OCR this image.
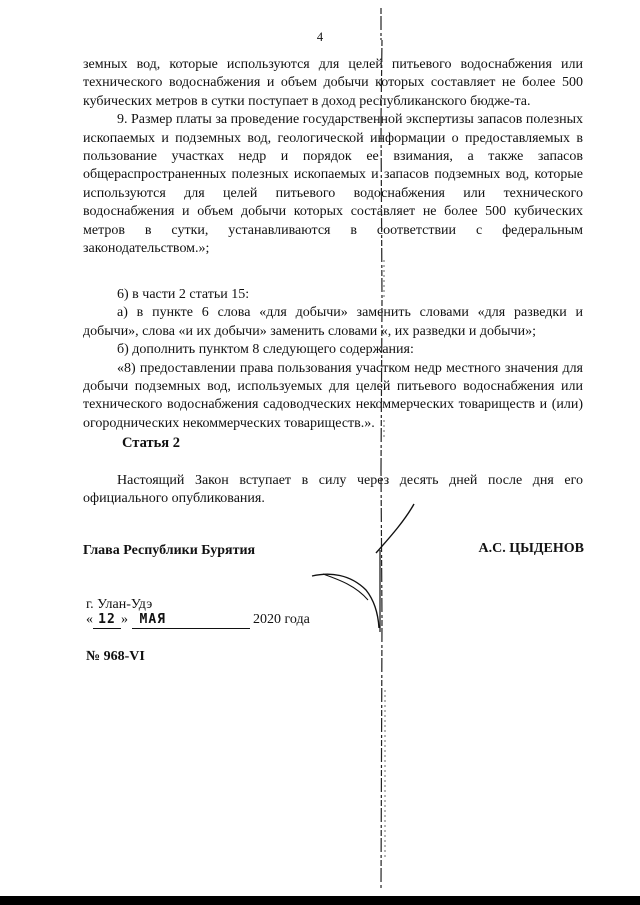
4

земных вод, которые используются для целей питьевого водоснабжения или технического водоснабжения и объем добычи которых составляет не более 500 кубических метров в сутки поступает в доход республиканского бюдже-та.

9. Размер платы за проведение государственной экспертизы запасов полезных ископаемых и подземных вод, геологической информации о предоставляемых в пользование участках недр и порядок ее взимания, а также запасов общераспространенных полезных ископаемых и запасов подземных вод, которые используются для целей питьевого водоснабжения или технического водоснабжения и объем добычи которых составляет не более 500 кубических метров в сутки, устанавливаются в соответствии с федеральным законодательством.»;

6) в части 2 статьи 15:

а) в пункте 6 слова «для добычи» заменить словами «для разведки и добычи», слова «и их добычи» заменить словами «, их разведки и добычи»;

б) дополнить пунктом 8 следующего содержания:

«8) предоставлении права пользования участком недр местного значения для добычи подземных вод, используемых для целей питьевого водоснабжения или технического водоснабжения садоводческих некоммерческих товариществ и (или) огороднических некоммерческих товариществ.».

Статья 2

Настоящий Закон вступает в силу через десять дней после дня его официального опубликования.

Глава Республики Бурятия	А.С. ЦЫДЕНОВ
г. Улан-Удэ
« 12 » МАЯ	2020 года
№ 968-VI
